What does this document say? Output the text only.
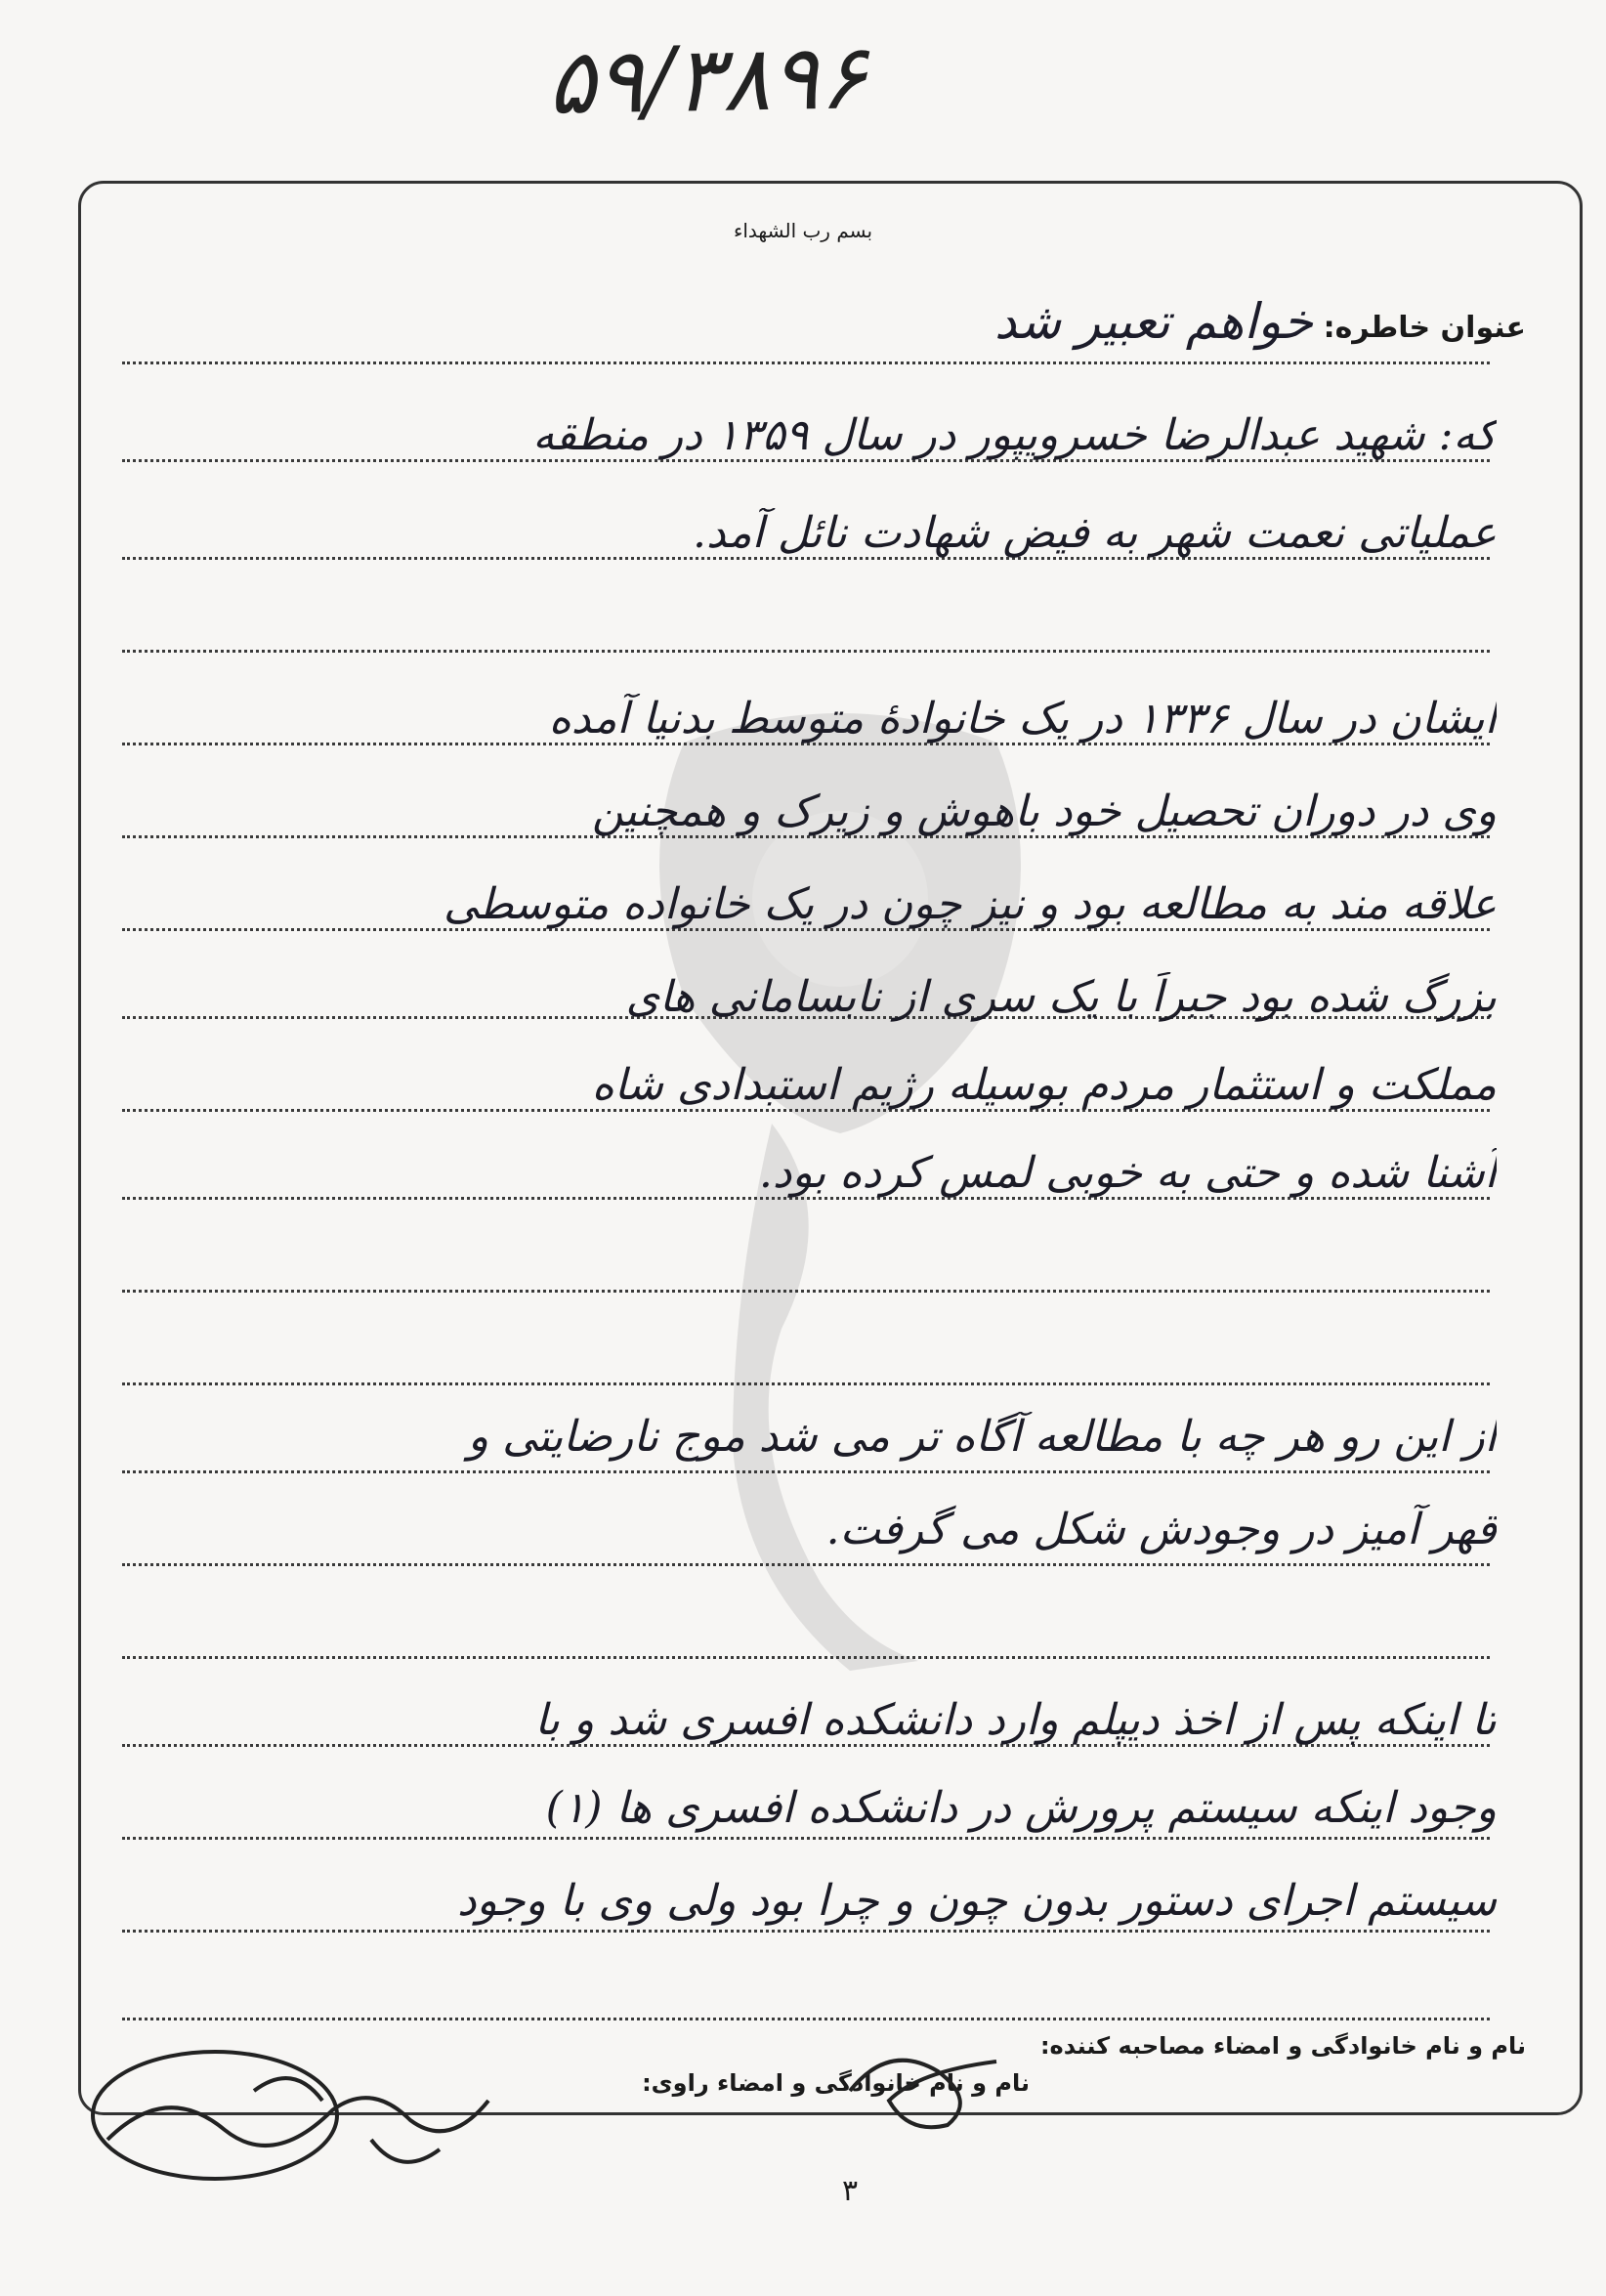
۵۹/۳۸۹۶
بسم رب الشهداء
عنوان خاطره:
خواهم تعبیر شد
که: شهید عبدالرضا خسرویپور در سال ۱۳۵۹ در منطقه
عملیاتی نعمت شهر به فیض شهادت نائل آمد.
ایشان در سال ۱۳۳۶ در یک خانوادهٔ متوسط بدنیا آمده
وی در دوران تحصیل خود باهوش و زیرک و همچنین
علاقه مند به مطالعه بود و نیز چون در یک خانواده متوسطی
بزرگ شده بود جبراً با یک سری از نابسامانی های
مملکت و استثمار مردم بوسیله رژیم استبدادی شاه
آشنا شده و حتی به خوبی لمس کرده بود.
از این رو هر چه با مطالعه آگاه تر می شد موج نارضایتی و
قهر آمیز در وجودش شکل می گرفت.
تا اینکه پس از اخذ دیپلم وارد دانشکده افسری شد و با
وجود اینکه سیستم پرورش در دانشکده افسری ها (۱)
سیستم اجرای دستور بدون چون و چرا بود ولی وی با وجود
نام و نام خانوادگی و امضاء مصاحبه کننده:
نام و نام خانوادگی و امضاء راوی:
۳
